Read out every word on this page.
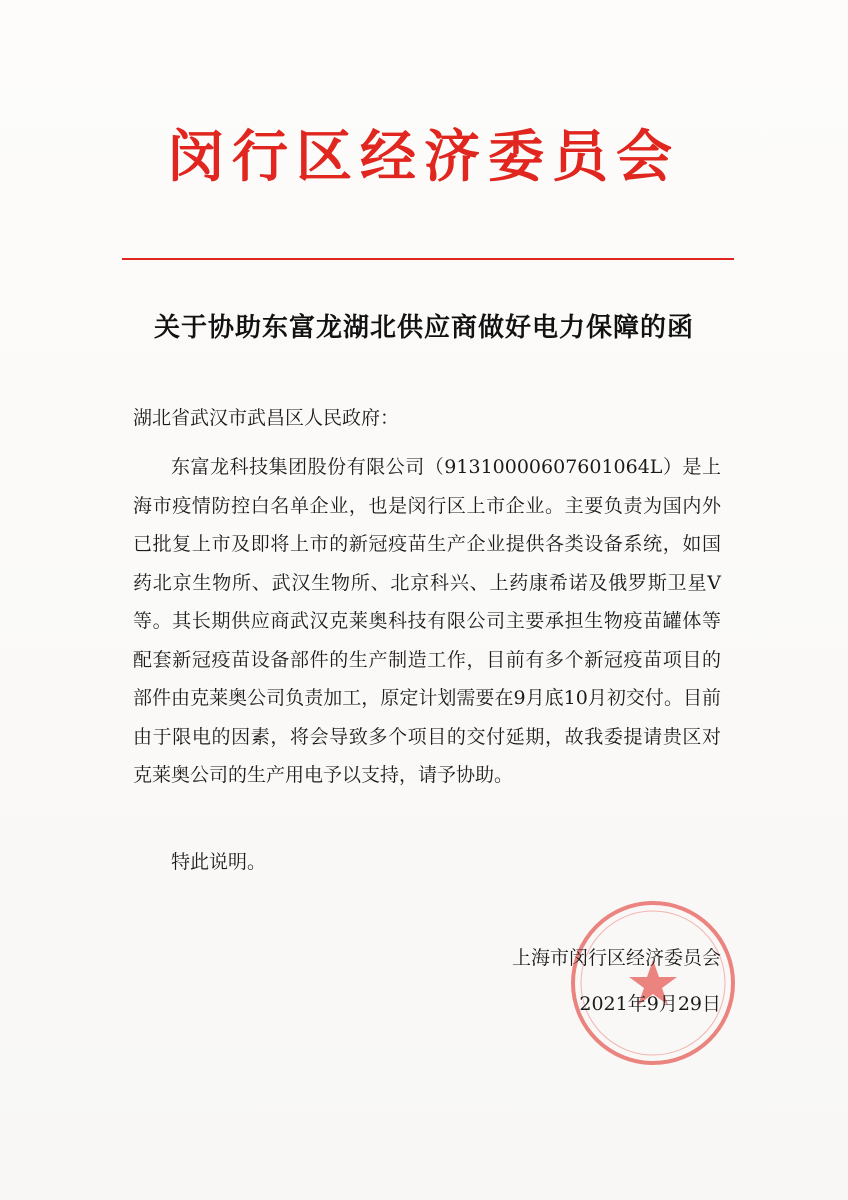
闵行区经济委员会
关于协助东富龙湖北供应商做好电力保障的函
湖北省武汉市武昌区人民政府：

东富龙科技集团股份有限公司（91310000607601064L）是上海市疫情防控白名单企业，也是闵行区上市企业。主要负责为国内外已批复上市及即将上市的新冠疫苗生产企业提供各类设备系统，如国药北京生物所、武汉生物所、北京科兴、上药康希诺及俄罗斯卫星Ⅴ等。其长期供应商武汉克莱奥科技有限公司主要承担生物疫苗罐体等配套新冠疫苗设备部件的生产制造工作，目前有多个新冠疫苗项目的部件由克莱奥公司负责加工，原定计划需要在9月底10月初交付。目前由于限电的因素，将会导致多个项目的交付延期，故我委提请贵区对克莱奥公司的生产用电予以支持，请予协助。

特此说明。
上海市闵行区经济委员会
2021年9月29日
